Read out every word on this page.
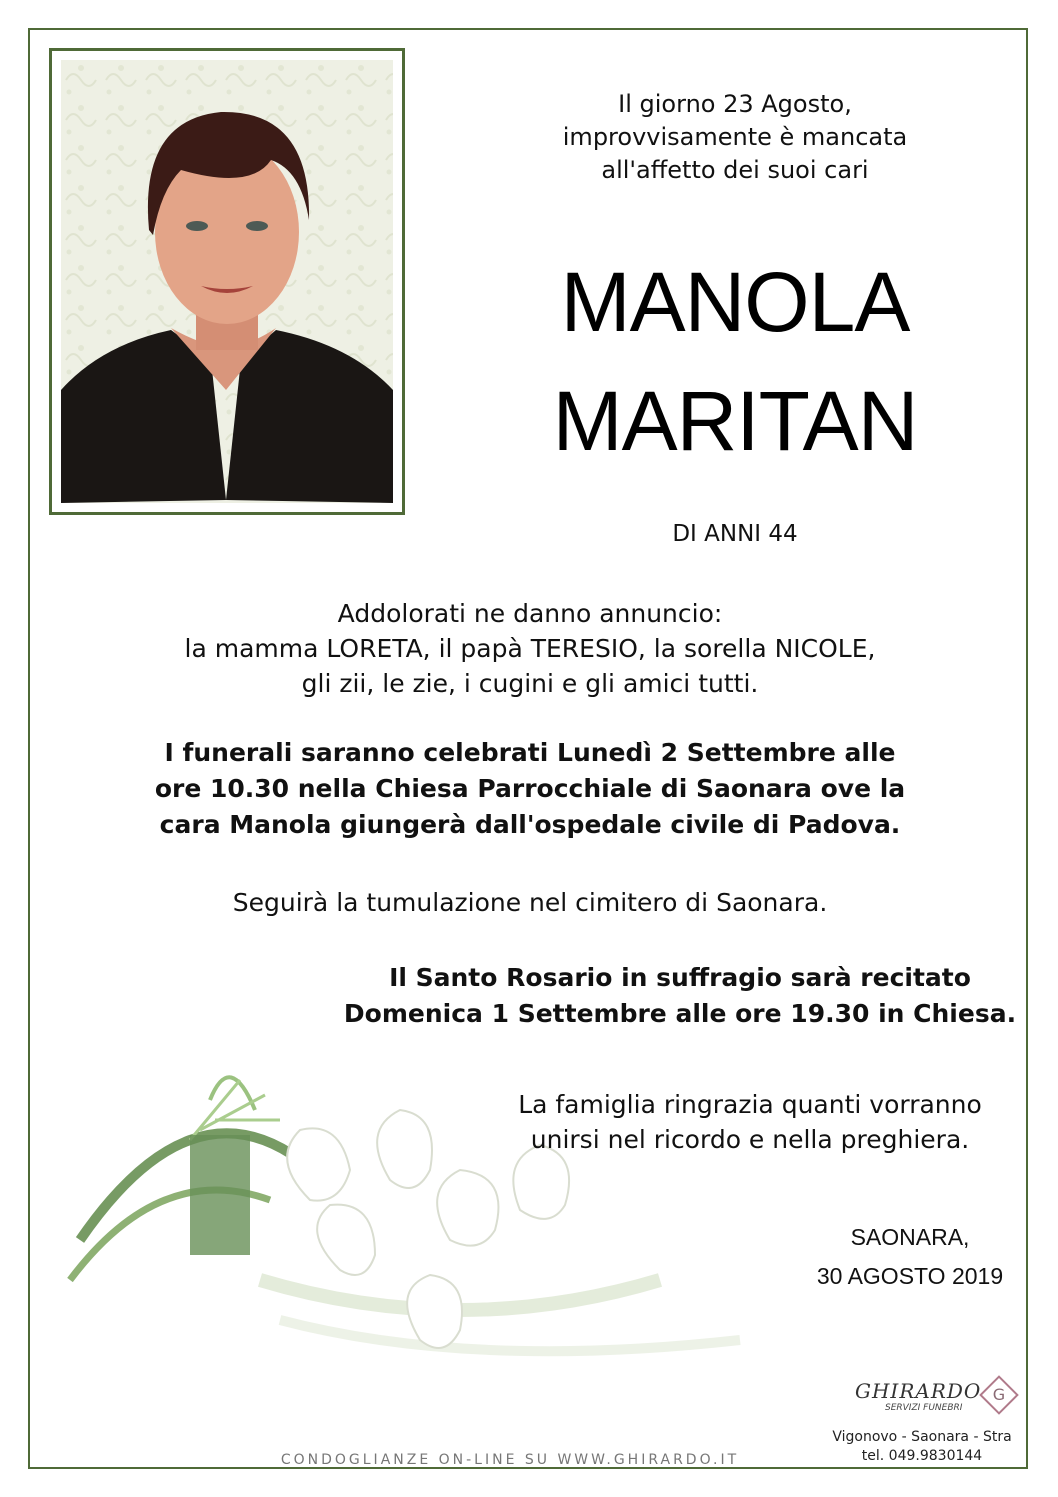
Il giorno 23 Agosto,
improvvisamente è mancata
all'affetto dei suoi cari
MANOLA
MARITAN
DI ANNI 44
Addolorati ne danno annuncio:
la mamma LORETA, il papà TERESIO, la sorella NICOLE,
gli zii, le zie, i cugini e gli amici tutti.
I funerali saranno celebrati Lunedì 2 Settembre alle
ore 10.30 nella Chiesa Parrocchiale di Saonara ove la
cara Manola giungerà dall'ospedale civile di Padova.
Seguirà la tumulazione nel cimitero di Saonara.
Il Santo Rosario in suffragio sarà recitato
Domenica 1 Settembre alle ore 19.30 in Chiesa.
La famiglia ringrazia quanti vorranno
unirsi nel ricordo e nella preghiera.
SAONARA,
30 AGOSTO 2019
GHIRARDO
SERVIZI FUNEBRI
G
Vigonovo - Saonara - Stra
tel. 049.9830144
CONDOGLIANZE ON-LINE SU WWW.GHIRARDO.IT
